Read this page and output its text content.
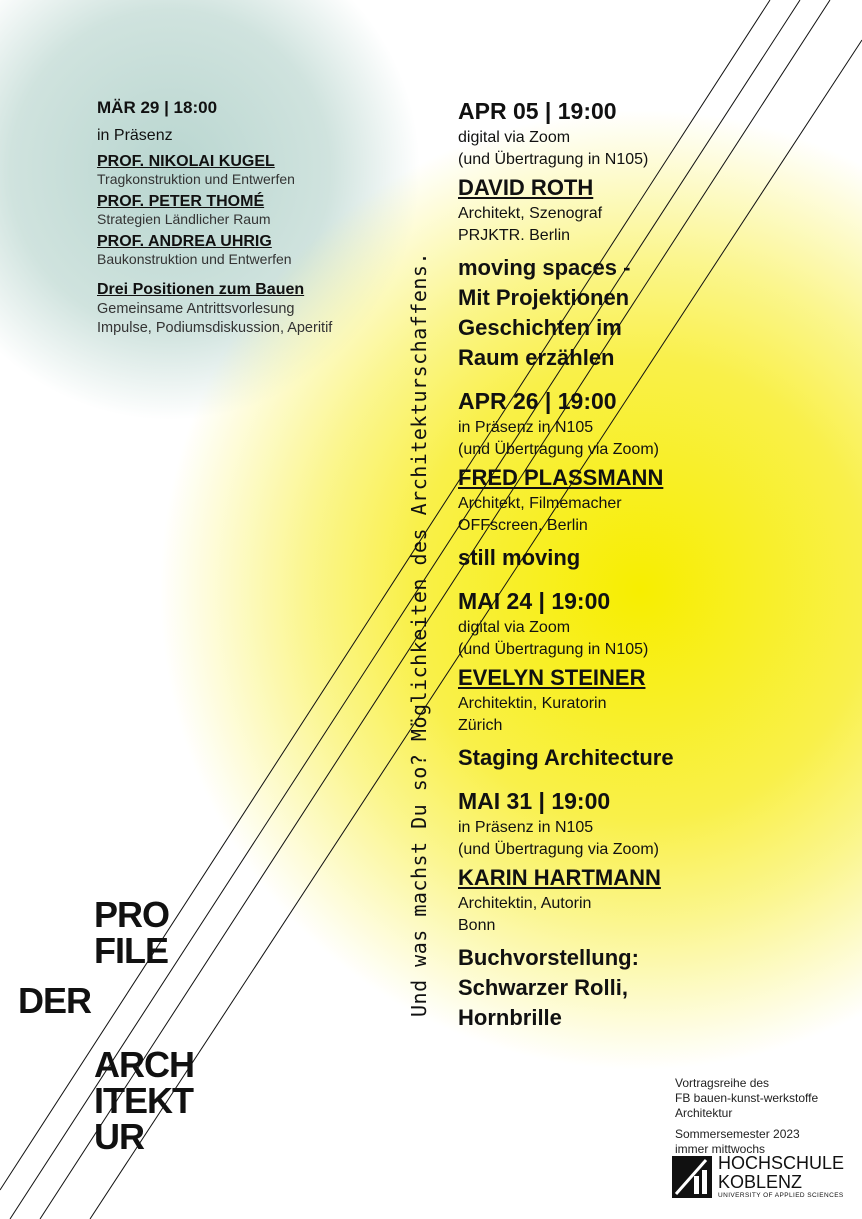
MÄR 29 | 18:00

in Präsenz

PROF. NIKOLAI KUGEL

Tragkonstruktion und Entwerfen

PROF. PETER THOMÉ

Strategien Ländlicher Raum

PROF. ANDREA UHRIG

Baukonstruktion und Entwerfen

Drei Positionen zum Bauen

Gemeinsame Antrittsvorlesung

Impulse, Podiumsdiskussion, Aperitif	Und was machst Du so? Möglichkeiten des Architekturschaffens.

APR 05 | 19:00

digital via Zoom

(und Übertragung in N105)

DAVID ROTH

Architekt, Szenograf

PRJKTR. Berlin

moving spaces -
Mit Projektionen
Geschichten im
Raum erzählen

APR 26 | 19:00

in Präsenz in N105

(und Übertragung via Zoom)

FRED PLASSMANN

Architekt, Filmemacher

OFFscreen, Berlin

still moving

MAI 24 | 19:00

digital via Zoom

(und Übertragung in N105)

EVELYN STEINER

Architektin, Kuratorin

Zürich

Staging Architecture

MAI 31 | 19:00

in Präsenz in N105

(und Übertragung via Zoom)

KARIN HARTMANN

Architektin, Autorin

Bonn

Buchvorstellung:
Schwarzer Rolli,
Hornbrille

PRO
FILE
DER
ARCH
ITEKT
UR

Vortragsreihe des

FB bauen-kunst-werkstoffe

Architektur

Sommersemester 2023

immer mittwochs

HOCHSCHULE
KOBLENZ
UNIVERSITY OF APPLIED SCIENCES
